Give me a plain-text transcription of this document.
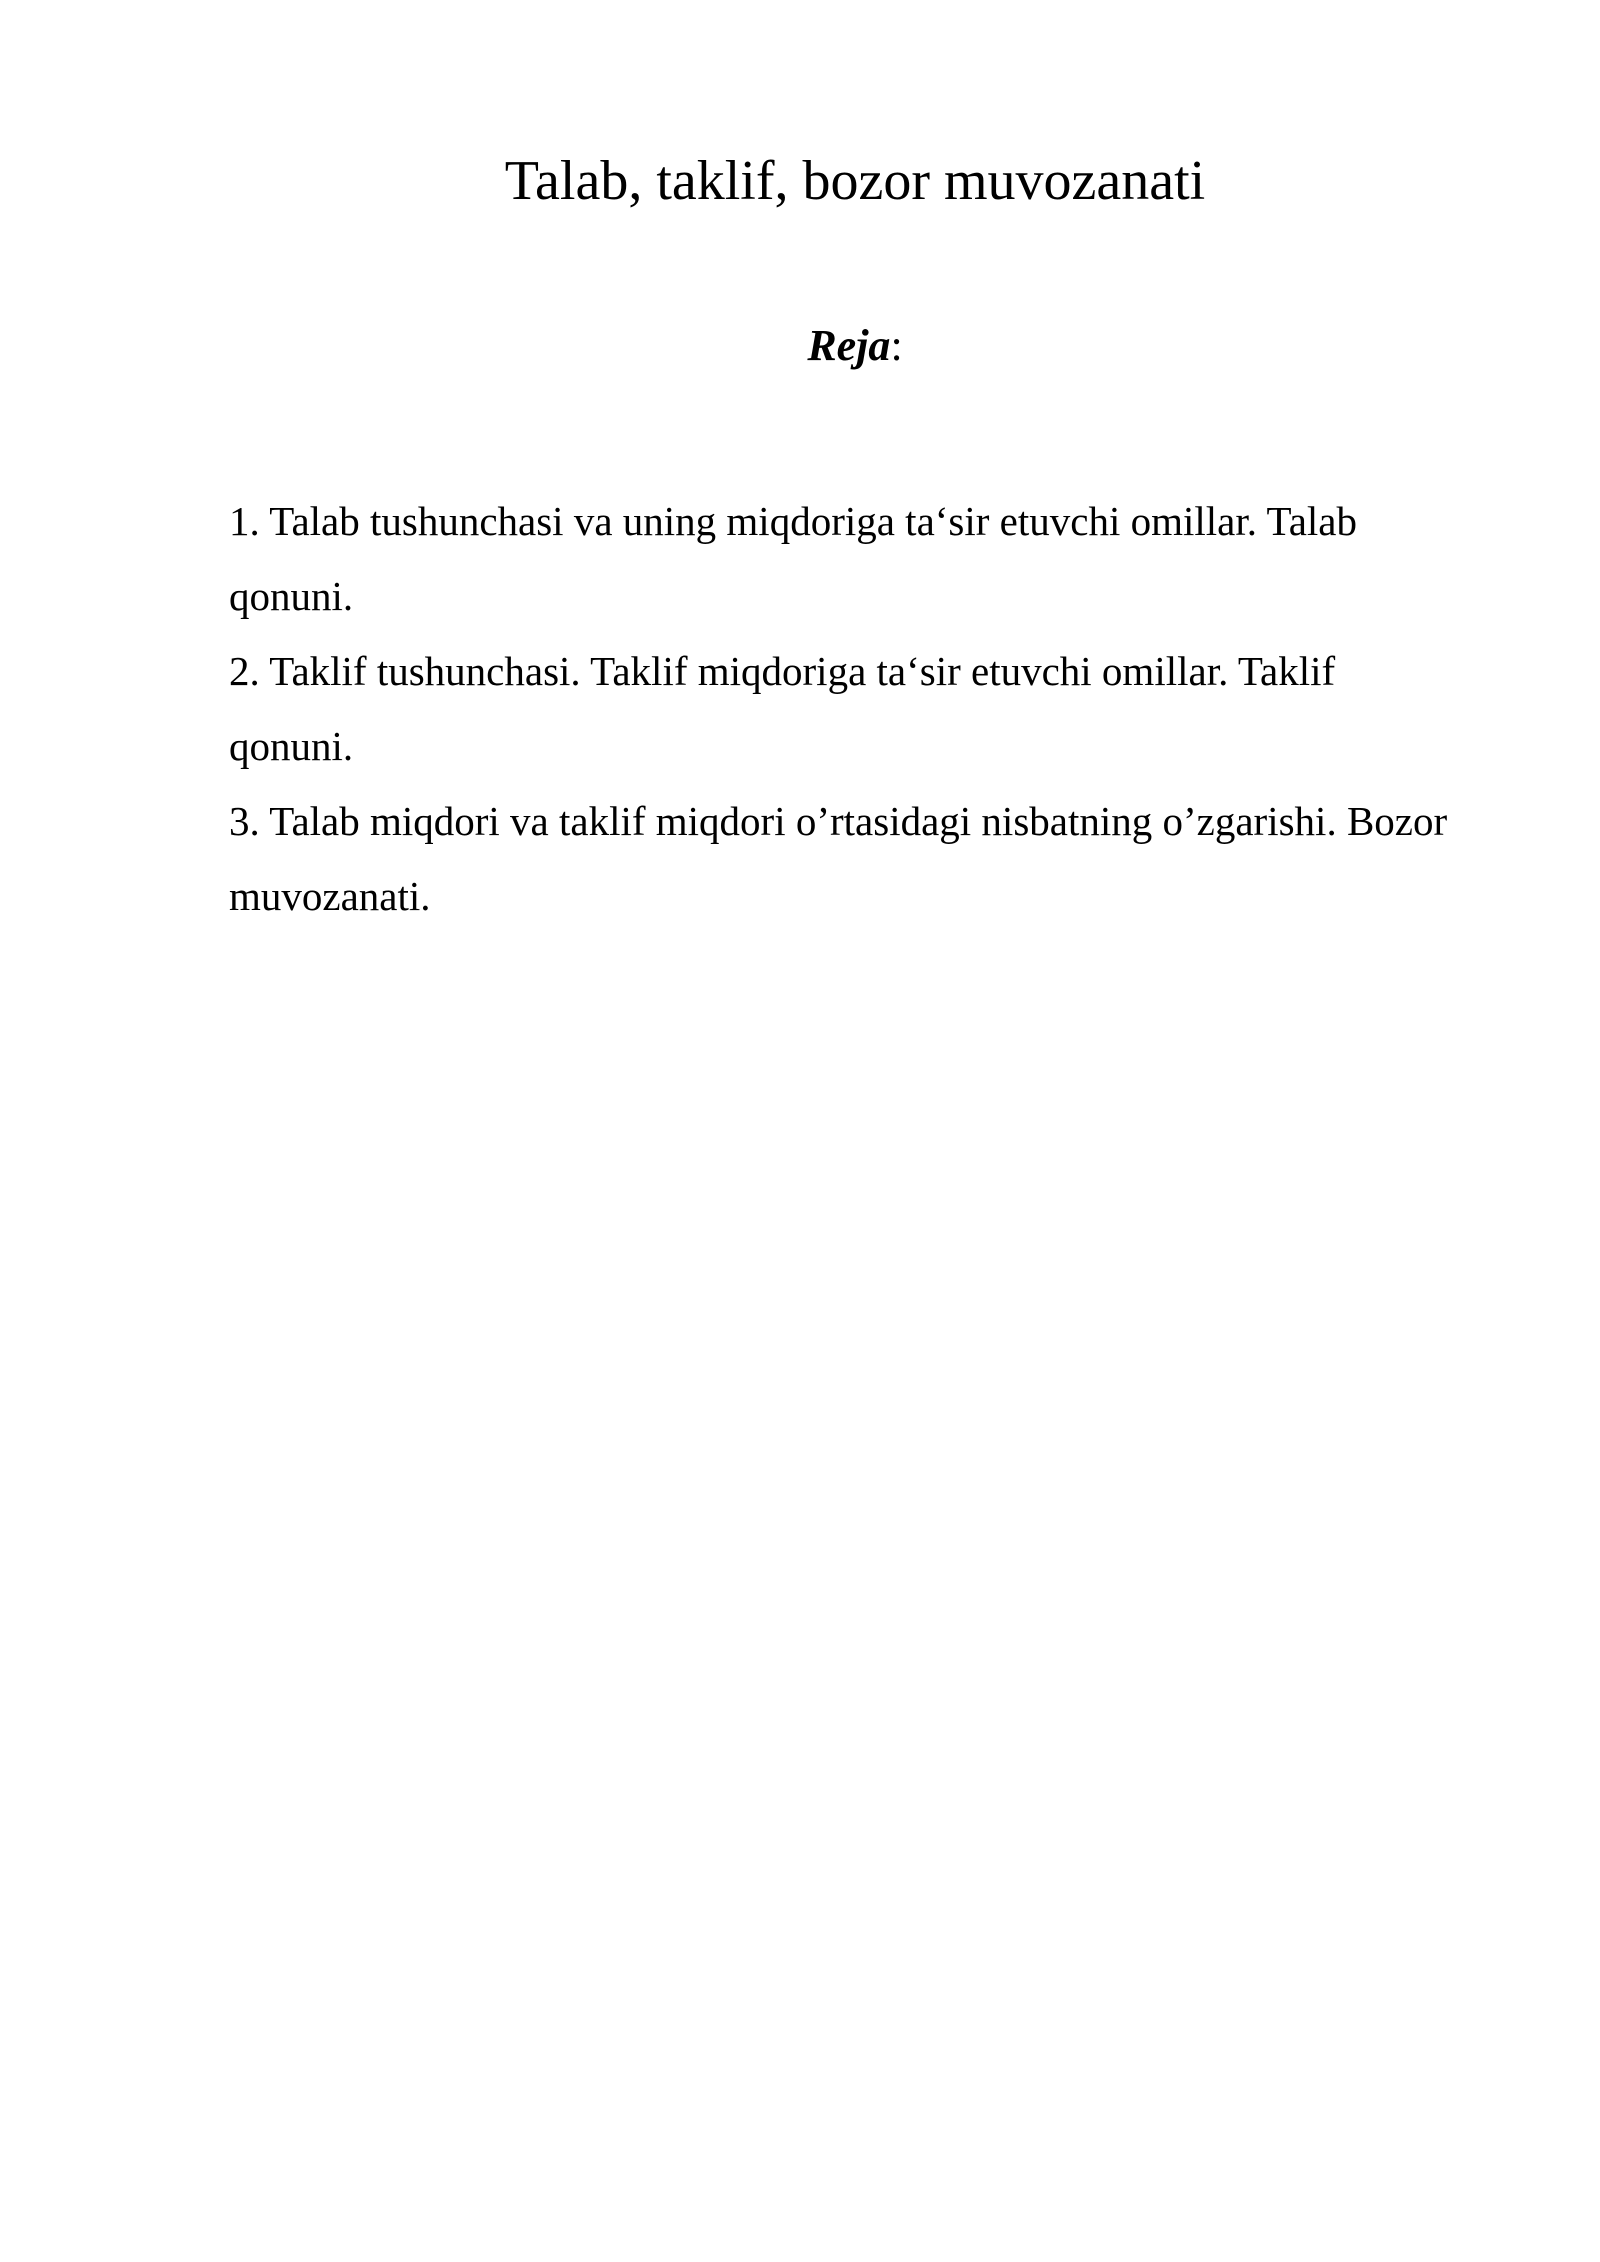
Talab, taklif, bozor muvozanati

Reja:

1. Talab tushunchasi va uning miqdoriga ta‘sir etuvchi omillar. Talab qonuni.
2. Taklif tushunchasi. Taklif miqdoriga ta‘sir etuvchi omillar. Taklif qonuni.
3. Talab miqdori va taklif miqdori o’rtasidagi nisbatning o’zgarishi. Bozor muvozanati.
